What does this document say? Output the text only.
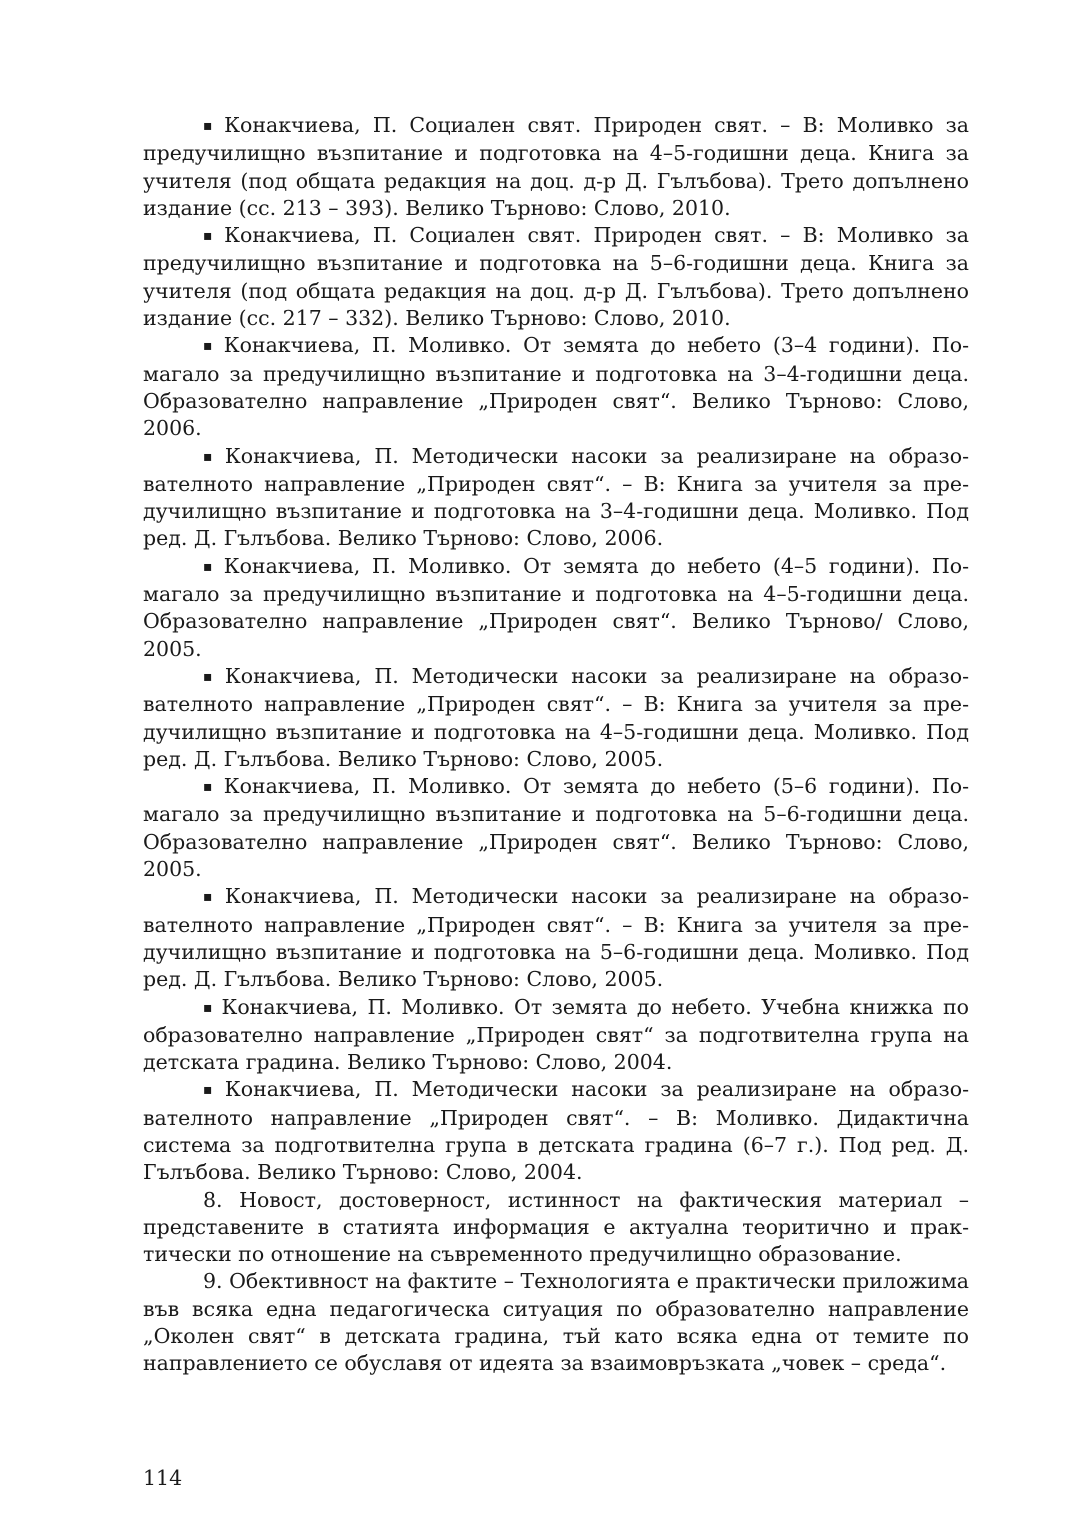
▪ Конакчиева, П. Социален свят. Природен свят. – В: Моливко за предучилищно възпитание и подготовка на 4–5-годишни деца. Книга за учителя (под общата редакция на доц. д-р Д. Гълъбова). Трето допълнено издание (сс. 213 – 393). Велико Търново: Слово, 2010.

▪ Конакчиева, П. Социален свят. Природен свят. – В: Моливко за предучилищно възпитание и подготовка на 5–6-годишни деца. Книга за учителя (под общата редакция на доц. д-р Д. Гълъбова). Трето допълнено издание (сс. 217 – 332). Велико Търново: Слово, 2010.

▪ Конакчиева, П. Моливко. От земята до небето (3–4 години). Помагало за предучилищно възпитание и подготовка на 3–4-годишни деца. Образователно направление „Природен свят“. Велико Търново: Слово, 2006.

▪ Конакчиева, П. Методически насоки за реализиране на образователното направление „Природен свят“. – В: Книга за учителя за предучилищно възпитание и подготовка на 3–4-годишни деца. Моливко. Под ред. Д. Гълъбова. Велико Търново: Слово, 2006.

▪ Конакчиева, П. Моливко. От земята до небето (4–5 години). Помагало за предучилищно възпитание и подготовка на 4–5-годишни деца. Образователно направление „Природен свят“. Велико Търново/ Слово, 2005.

▪ Конакчиева, П. Методически насоки за реализиране на образователното направление „Природен свят“. – В: Книга за учителя за предучилищно възпитание и подготовка на 4–5-годишни деца. Моливко. Под ред. Д. Гълъбова. Велико Търново: Слово, 2005.

▪ Конакчиева, П. Моливко. От земята до небето (5–6 години). Помагало за предучилищно възпитание и подготовка на 5–6-годишни деца. Образователно направление „Природен свят“. Велико Търново: Слово, 2005.

▪ Конакчиева, П. Методически насоки за реализиране на образователното направление „Природен свят“. – В: Книга за учителя за предучилищно възпитание и подготовка на 5–6-годишни деца. Моливко. Под ред. Д. Гълъбова. Велико Търново: Слово, 2005.

▪ Конакчиева, П. Моливко. От земята до небето. Учебна книжка по образователно направление „Природен свят“ за подготвителна група на детската градина. Велико Търново: Слово, 2004.

▪ Конакчиева, П. Методически насоки за реализиране на образователното направление „Природен свят“. – В: Моливко. Дидактична система за подготвителна група в детската градина (6–7 г.). Под ред. Д. Гълъбова. Велико Търново: Слово, 2004.

8. Новост, достоверност, истинност на фактическия материал – представените в статията информация е актуална теоритично и практически по отношение на съвременното предучилищно образование.

9. Обективност на фактите – Технологията е практически приложима във всяка една педагогическа ситуация по образователно направление „Околен свят“ в детската градина, тъй като всяка една от темите по направлението се обуславя от идеята за взаимовръзката „човек – среда“.

114
